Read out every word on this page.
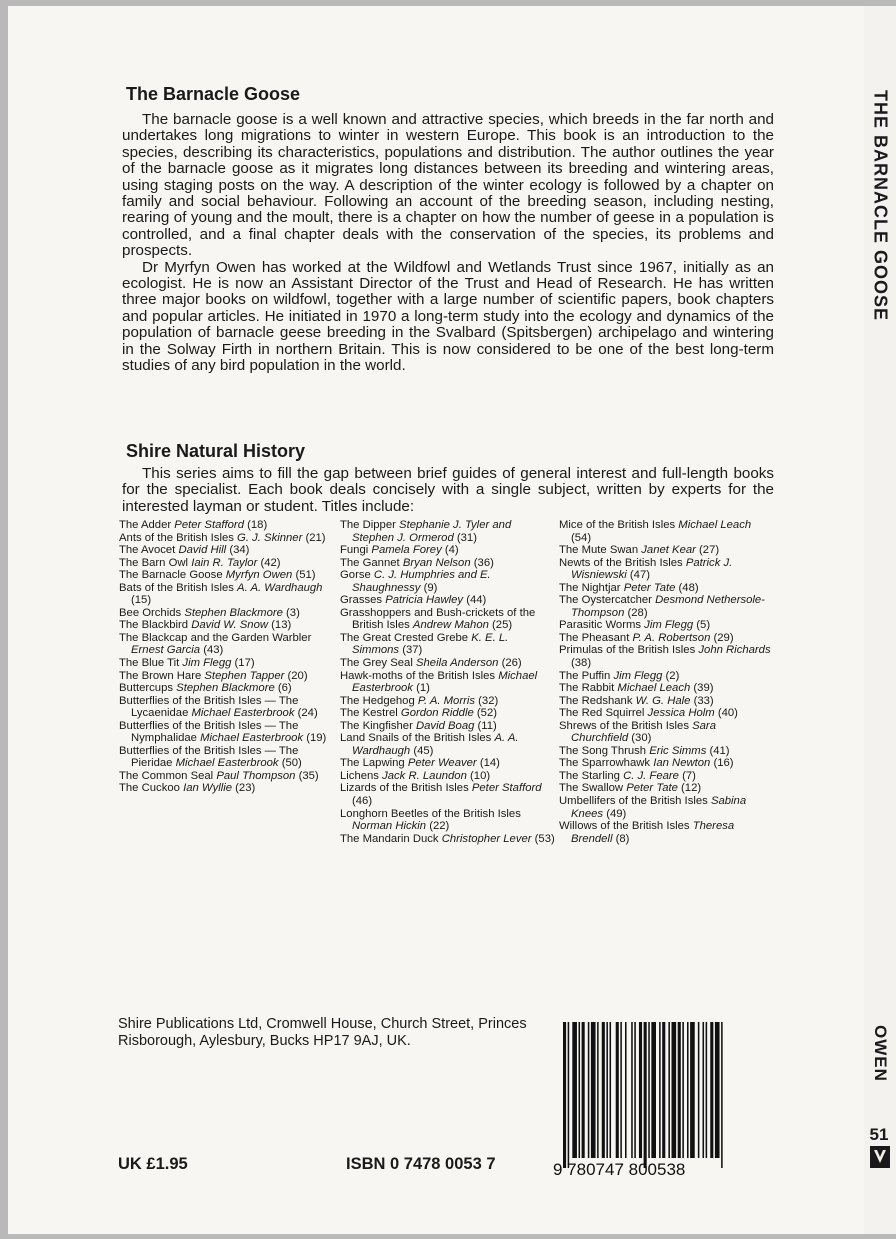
THE BARNACLE GOOSE
OWEN
51
The Barnacle Goose

The barnacle goose is a well known and attractive species, which breeds in the far north and undertakes long migrations to winter in western Europe. This book is an introduction to the species, describing its characteristics, populations and distribution. The author outlines the year of the barnacle goose as it migrates long distances between its breeding and wintering areas, using staging posts on the way. A description of the winter ecology is followed by a chapter on family and social behaviour. Following an account of the breeding season, including nesting, rearing of young and the moult, there is a chapter on how the number of geese in a population is controlled, and a final chapter deals with the conservation of the species, its problems and prospects.

Dr Myrfyn Owen has worked at the Wildfowl and Wetlands Trust since 1967, initially as an ecologist. He is now an Assistant Director of the Trust and Head of Research. He has written three major books on wildfowl, together with a large number of scientific papers, book chapters and popular articles. He initiated in 1970 a long-term study into the ecology and dynamics of the population of barnacle geese breeding in the Svalbard (Spitsbergen) archipelago and wintering in the Solway Firth in northern Britain. This is now considered to be one of the best long-term studies of any bird population in the world.

Shire Natural History

This series aims to fill the gap between brief guides of general interest and full-length books for the specialist. Each book deals concisely with a single subject, written by experts for the interested layman or student. Titles include:

The Adder Peter Stafford (18)
Ants of the British Isles G. J. Skinner (21)
The Avocet David Hill (34)
The Barn Owl Iain R. Taylor (42)
The Barnacle Goose Myrfyn Owen (51)
Bats of the British Isles A. A. Wardhaugh (15)
Bee Orchids Stephen Blackmore (3)
The Blackbird David W. Snow (13)
The Blackcap and the Garden Warbler Ernest Garcia (43)
The Blue Tit Jim Flegg (17)
The Brown Hare Stephen Tapper (20)
Buttercups Stephen Blackmore (6)
Butterflies of the British Isles — The Lycaenidae Michael Easterbrook (24)
Butterflies of the British Isles — The Nymphalidae Michael Easterbrook (19)
Butterflies of the British Isles — The Pieridae Michael Easterbrook (50)
The Common Seal Paul Thompson (35)
The Cuckoo Ian Wyllie (23)
The Dipper Stephanie J. Tyler and Stephen J. Ormerod (31)
Fungi Pamela Forey (4)
The Gannet Bryan Nelson (36)
Gorse C. J. Humphries and E. Shaughnessy (9)
Grasses Patricia Hawley (44)
Grasshoppers and Bush-crickets of the British Isles Andrew Mahon (25)
The Great Crested Grebe K. E. L. Simmons (37)
The Grey Seal Sheila Anderson (26)
Hawk-moths of the British Isles Michael Easterbrook (1)
The Hedgehog P. A. Morris (32)
The Kestrel Gordon Riddle (52)
The Kingfisher David Boag (11)
Land Snails of the British Isles A. A. Wardhaugh (45)
The Lapwing Peter Weaver (14)
Lichens Jack R. Laundon (10)
Lizards of the British Isles Peter Stafford (46)
Longhorn Beetles of the British Isles Norman Hickin (22)
The Mandarin Duck Christopher Lever (53)
Mice of the British Isles Michael Leach (54)
The Mute Swan Janet Kear (27)
Newts of the British Isles Patrick J. Wisniewski (47)
The Nightjar Peter Tate (48)
The Oystercatcher Desmond Nethersole-Thompson (28)
Parasitic Worms Jim Flegg (5)
The Pheasant P. A. Robertson (29)
Primulas of the British Isles John Richards (38)
The Puffin Jim Flegg (2)
The Rabbit Michael Leach (39)
The Redshank W. G. Hale (33)
The Red Squirrel Jessica Holm (40)
Shrews of the British Isles Sara Churchfield (30)
The Song Thrush Eric Simms (41)
The Sparrowhawk Ian Newton (16)
The Starling C. J. Feare (7)
The Swallow Peter Tate (12)
Umbellifers of the British Isles Sabina Knees (49)
Willows of the British Isles Theresa Brendell (8)
Shire Publications Ltd, Cromwell House, Church Street, Princes Risborough, Aylesbury, Bucks HP17 9AJ, UK.
UK £1.95	ISBN 0 7478 0053 7	9 780747 800538
